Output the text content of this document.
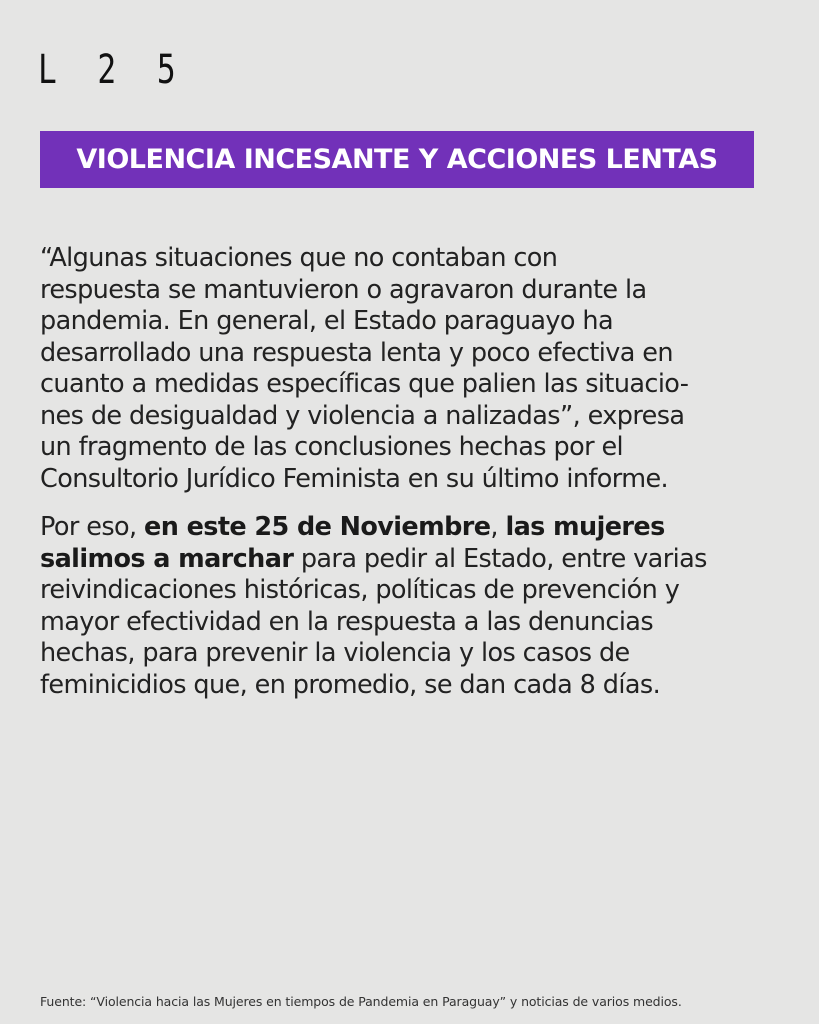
L 2 5
VIOLENCIA INCESANTE Y ACCIONES LENTAS
“Algunas situaciones que no contaban con
respuesta se mantuvieron o agravaron durante la
pandemia. En general, el Estado paraguayo ha
desarrollado una respuesta lenta y poco efectiva en
cuanto a medidas específicas que palien las situacio-
nes de desigualdad y violencia a nalizadas”, expresa
un fragmento de las conclusiones hechas por el
Consultorio Jurídico Feminista en su último informe.
Por eso, en este 25 de Noviembre, las mujeres
salimos a marchar para pedir al Estado, entre varias
reivindicaciones históricas, políticas de prevención y
mayor efectividad en la respuesta a las denuncias
hechas, para prevenir la violencia y los casos de
feminicidios que, en promedio, se dan cada 8 días.
Fuente: “Violencia hacia las Mujeres en tiempos de Pandemia en Paraguay” y noticias de varios medios.
